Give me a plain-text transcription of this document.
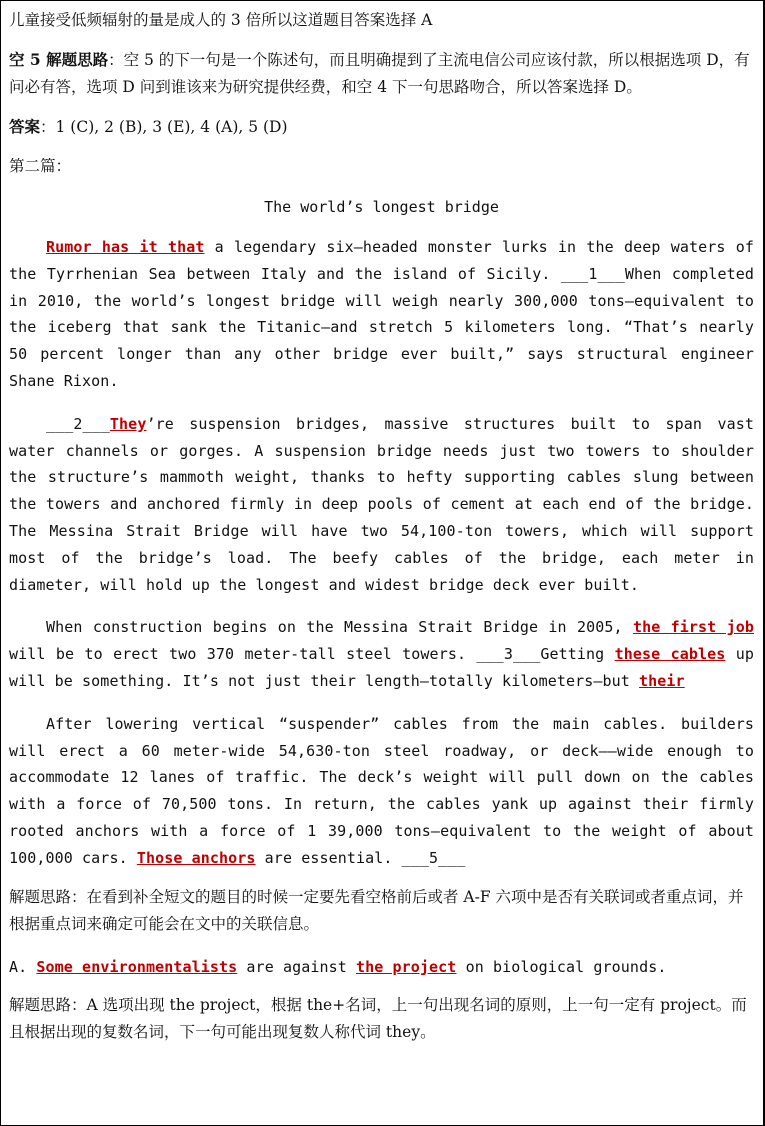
儿童接受低频辐射的量是成人的 3 倍所以这道题目答案选择 A

空 5 解题思路：空 5 的下一句是一个陈述句，而且明确提到了主流电信公司应该付款，所以根据选项 D，有问必有答，选项 D 问到谁该来为研究提供经费，和空 4 下一句思路吻合，所以答案选择 D。

答案：1 (C), 2 (B), 3 (E), 4 (A), 5 (D)

第二篇：

The world’s longest bridge

Rumor has it that a legendary six—headed monster lurks in the deep waters of the Tyrrhenian Sea between Italy and the island of Sicily. ___1___When completed in 2010, the world’s longest bridge will weigh nearly 300,000 tons—equivalent to the iceberg that sank the Titanic—and stretch 5 kilometers long. “That’s nearly 50 percent longer than any other bridge ever built,” says structural engineer Shane Rixon.

___2___They’re suspension bridges, massive structures built to span vast water channels or gorges. A suspension bridge needs just two towers to shoulder the structure’s mammoth weight, thanks to hefty supporting cables slung between the towers and anchored firmly in deep pools of cement at each end of the bridge. The Messina Strait Bridge will have two 54,100-ton towers, which will support most of the bridge’s load. The beefy cables of the bridge, each meter in diameter, will hold up the longest and widest bridge deck ever built.

When construction begins on the Messina Strait Bridge in 2005, the first job will be to erect two 370 meter-tall steel towers. ___3___Getting these cables up will be something. It’s not just their length—totally kilometers—but their

After lowering vertical “suspender” cables from the main cables. builders will erect a 60 meter-wide 54,630-ton steel roadway, or deck——wide enough to accommodate 12 lanes of traffic. The deck’s weight will pull down on the cables with a force of 70,500 tons. In return, the cables yank up against their firmly rooted anchors with a force of 1 39,000 tons—equivalent to the weight of about 100,000 cars. Those anchors are essential. ___5___

解题思路：在看到补全短文的题目的时候一定要先看空格前后或者 A-F 六项中是否有关联词或者重点词，并根据重点词来确定可能会在文中的关联信息。

A. Some environmentalists are against the project on biological grounds.

解题思路：A 选项出现 the project，根据 the+名词，上一句出现名词的原则，上一句一定有 project。而且根据出现的复数名词，下一句可能出现复数人称代词 they。
